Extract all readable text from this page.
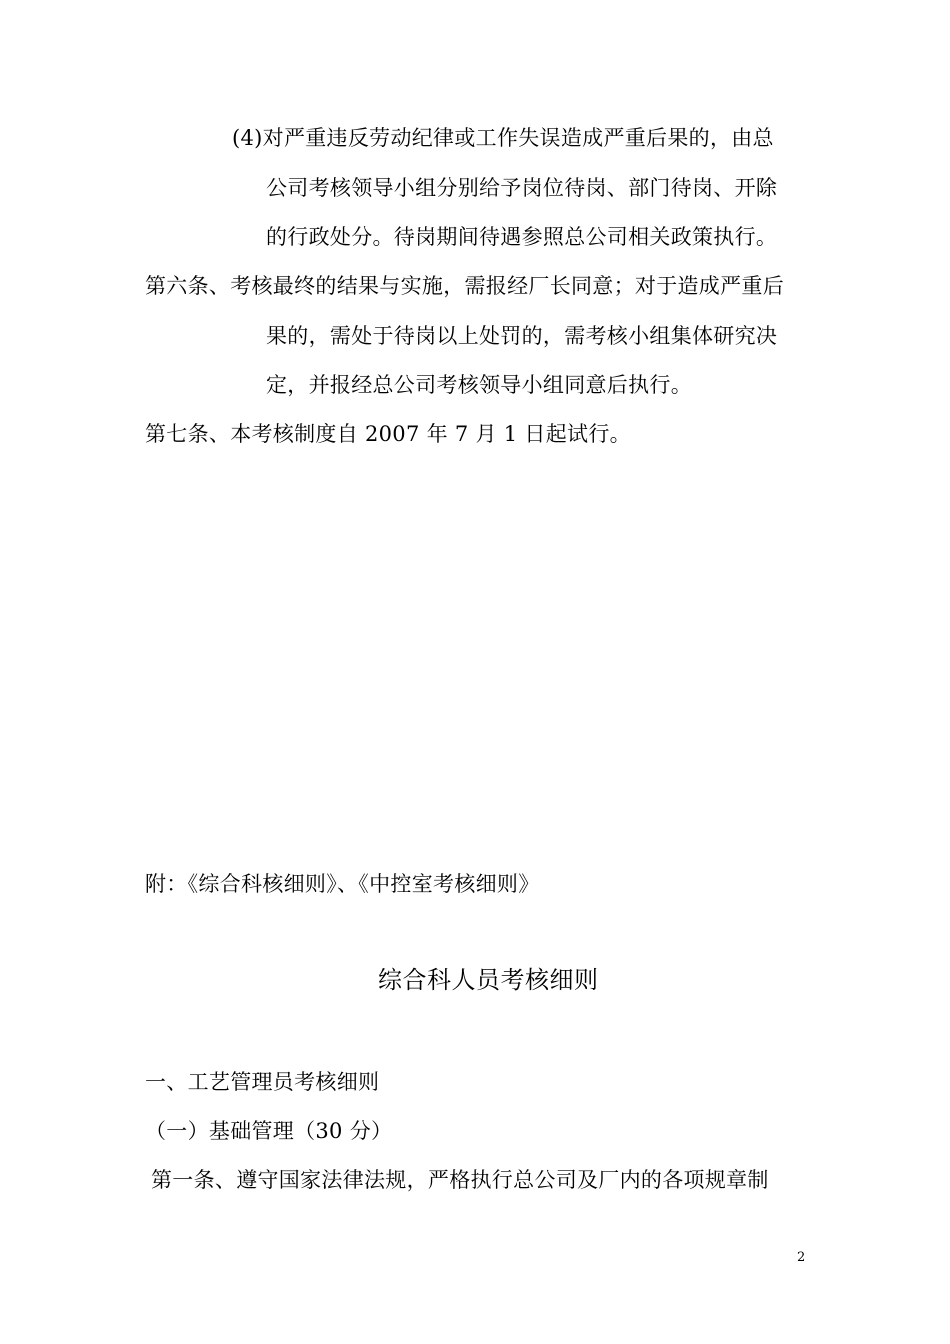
(4)对严重违反劳动纪律或工作失误造成严重后果的，由总
公司考核领导小组分别给予岗位待岗、部门待岗、开除
的行政处分。待岗期间待遇参照总公司相关政策执行。
第六条、考核最终的结果与实施，需报经厂长同意；对于造成严重后
果的，需处于待岗以上处罚的，需考核小组集体研究决
定，并报经总公司考核领导小组同意后执行。
第七条、本考核制度自 2007 年 7 月 1 日起试行。
附：《综合科核细则》、《中控室考核细则》
综合科人员考核细则
一、工艺管理员考核细则
（一）基础管理（30 分）
第一条、遵守国家法律法规，严格执行总公司及厂内的各项规章制
2
